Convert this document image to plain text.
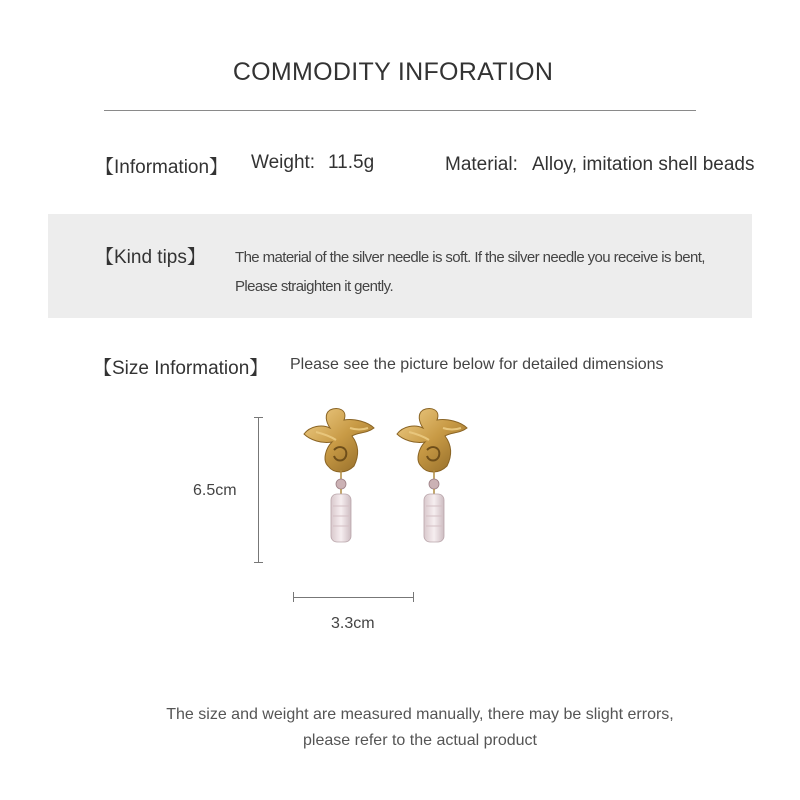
COMMODITY INFORATION
【Information】 Weight: 11.5g	Material: Alloy, imitation shell beads
【Kind tips】 The material of the silver needle is soft. If the silver needle you receive is bent,
Please straighten it gently.
【Size Information】 Please see the picture below for detailed dimensions
6.5cm
3.3cm
The size and weight are measured manually, there may be slight errors,
please refer to the actual product
